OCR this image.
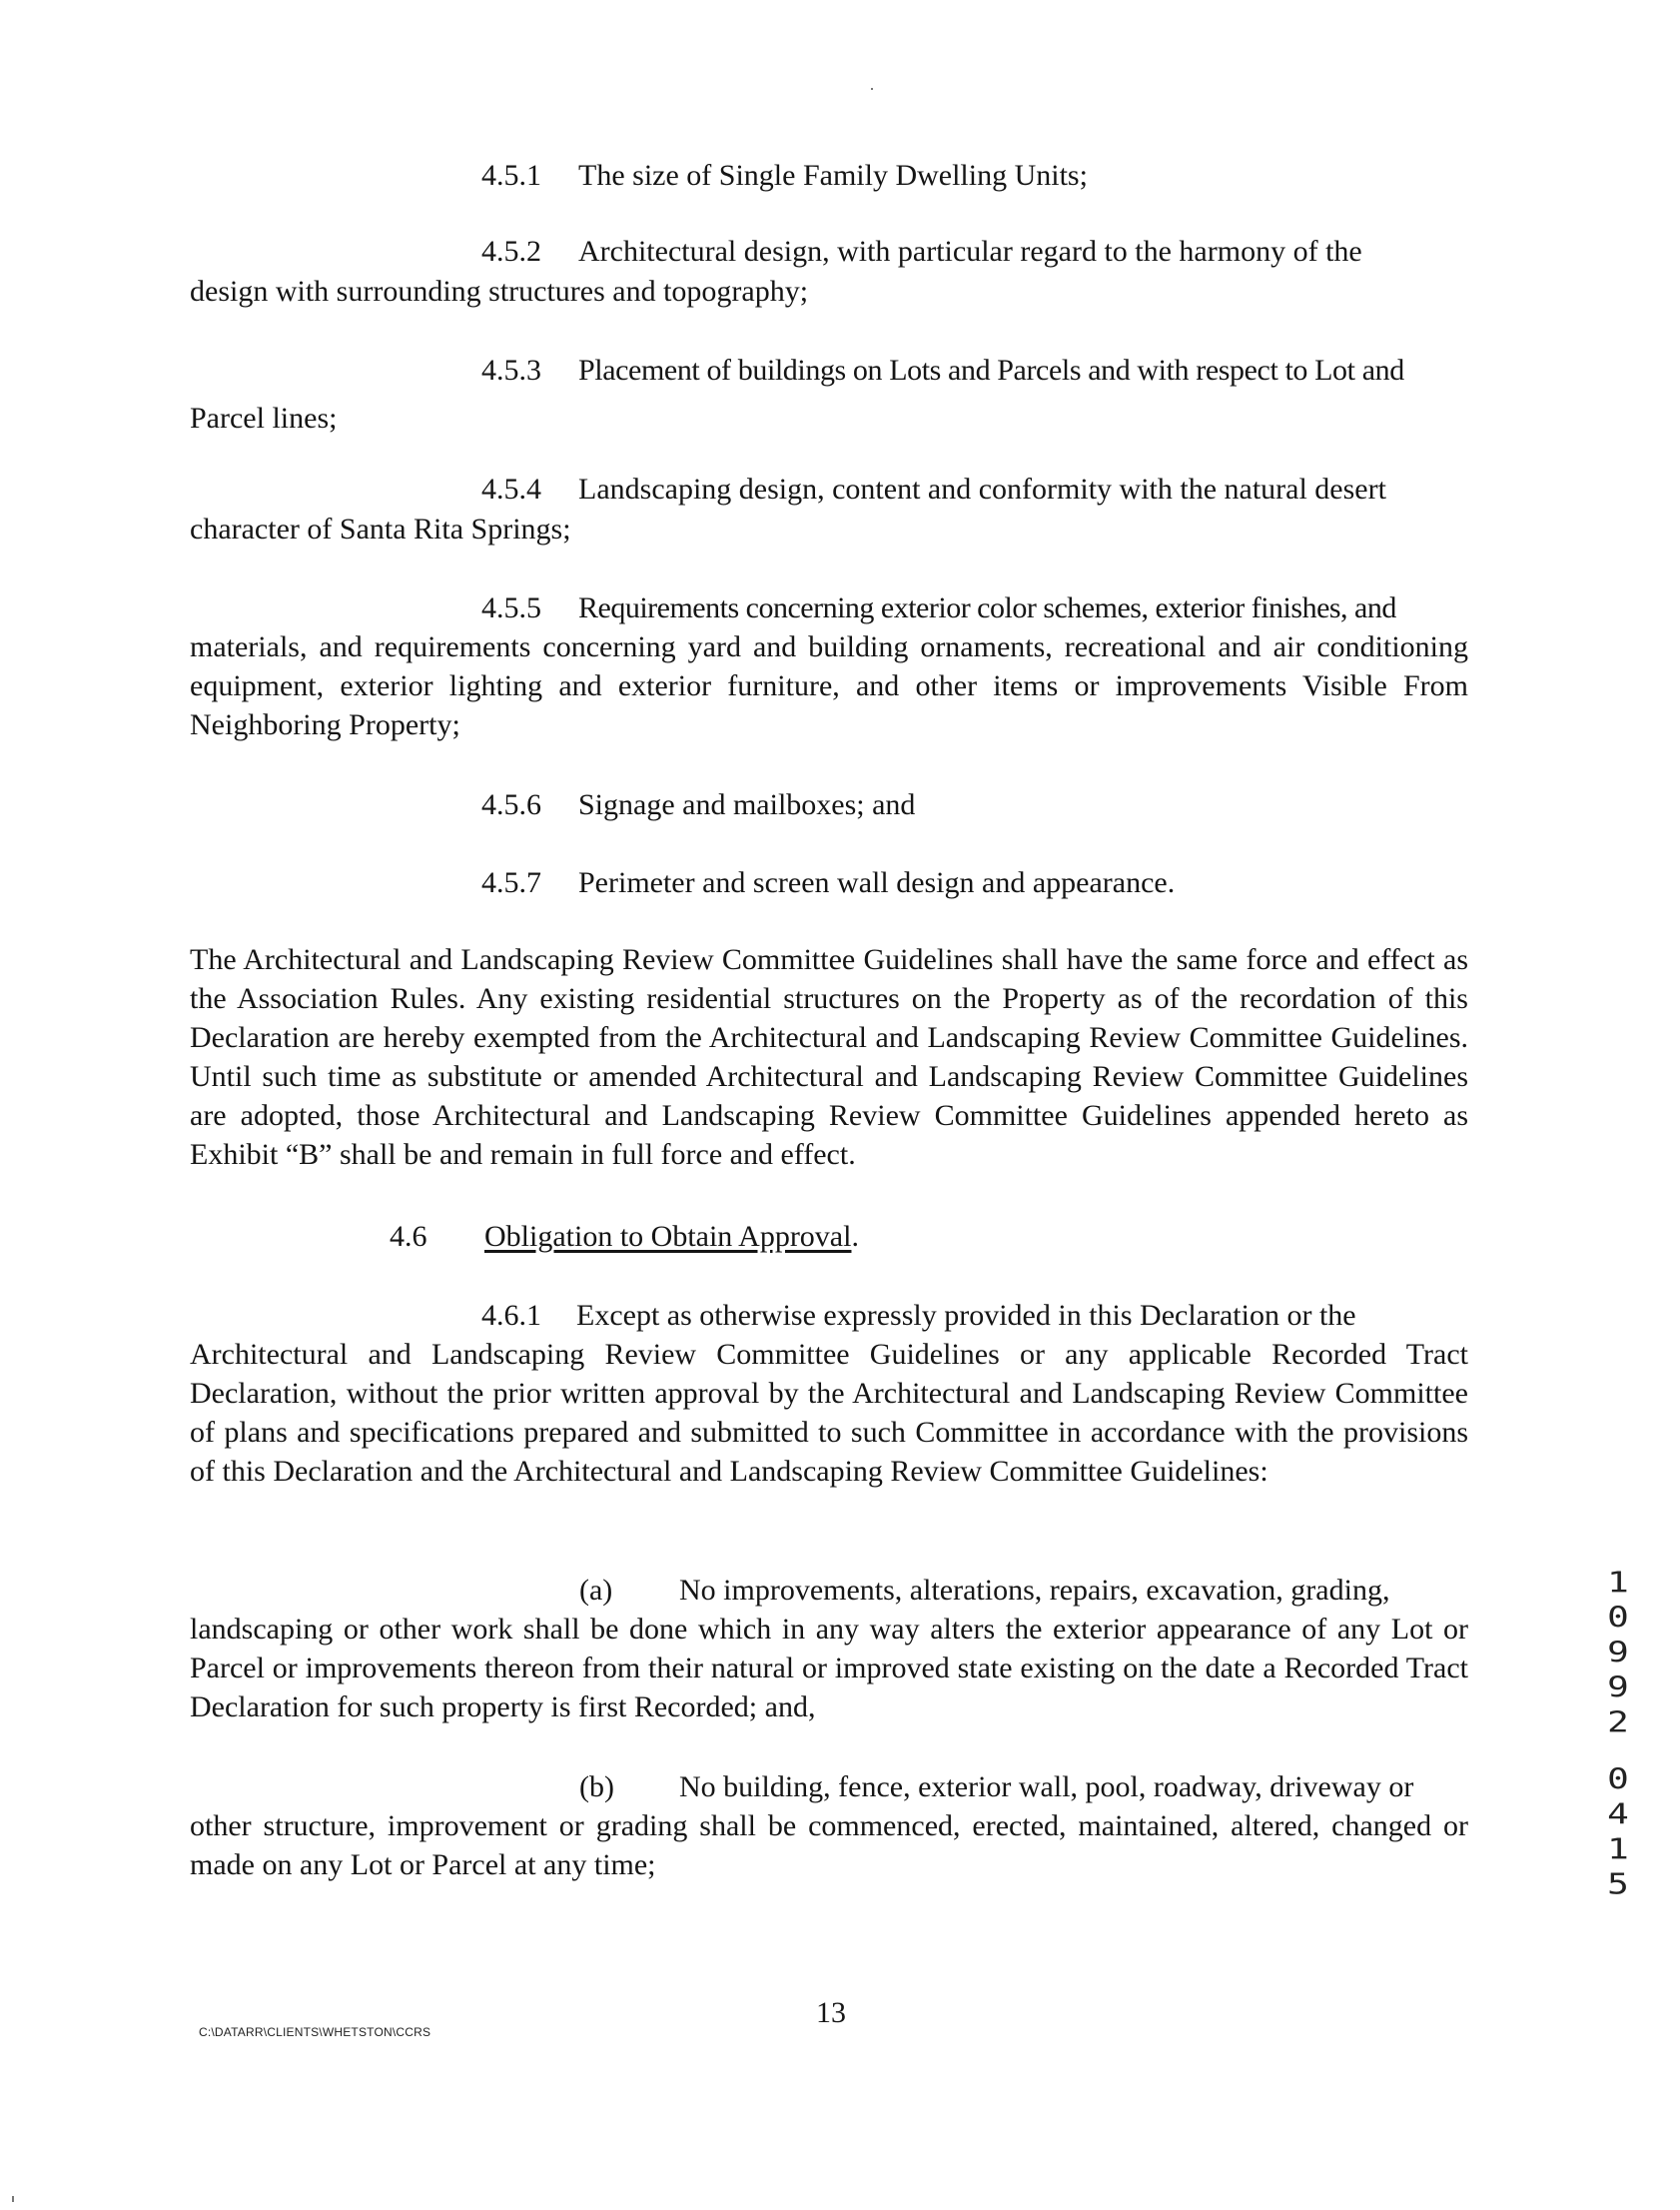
4.5.1 The size of Single Family Dwelling Units;

4.5.2 Architectural design, with particular regard to the harmony of the

design with surrounding structures and topography;

4.5.3 Placement of buildings on Lots and Parcels and with respect to Lot and

Parcel lines;

4.5.4 Landscaping design, content and conformity with the natural desert

character of Santa Rita Springs;

4.5.5 Requirements concerning exterior color schemes, exterior finishes, and

materials, and requirements concerning yard and building ornaments, recreational and air conditioning equipment, exterior lighting and exterior furniture, and other items or improvements Visible From Neighboring Property;

4.5.6 Signage and mailboxes; and

4.5.7 Perimeter and screen wall design and appearance.

The Architectural and Landscaping Review Committee Guidelines shall have the same force and effect as the Association Rules. Any existing residential structures on the Property as of the recordation of this Declaration are hereby exempted from the Architectural and Landscaping Review Committee Guidelines. Until such time as substitute or amended Architectural and Landscaping Review Committee Guidelines are adopted, those Architectural and Landscaping Review Committee Guidelines appended hereto as Exhibit “B” shall be and remain in full force and effect.

4.6 Obligation to Obtain Approval.

4.6.1 Except as otherwise expressly provided in this Declaration or the

Architectural and Landscaping Review Committee Guidelines or any applicable Recorded Tract Declaration, without the prior written approval by the Architectural and Landscaping Review Committee of plans and specifications prepared and submitted to such Committee in accordance with the provisions of this Declaration and the Architectural and Landscaping Review Committee Guidelines:

(a) No improvements, alterations, repairs, excavation, grading,

landscaping or other work shall be done which in any way alters the exterior appearance of any Lot or Parcel or improvements thereon from their natural or improved state existing on the date a Recorded Tract Declaration for such property is first Recorded; and,

(b) No building, fence, exterior wall, pool, roadway, driveway or

other structure, improvement or grading shall be commenced, erected, maintained, altered, changed or made on any Lot or Parcel at any time;

1
0
9
9
2
0
4
1
5
C:\DATARR\CLIENTS\WHETSTON\CCRS
13
